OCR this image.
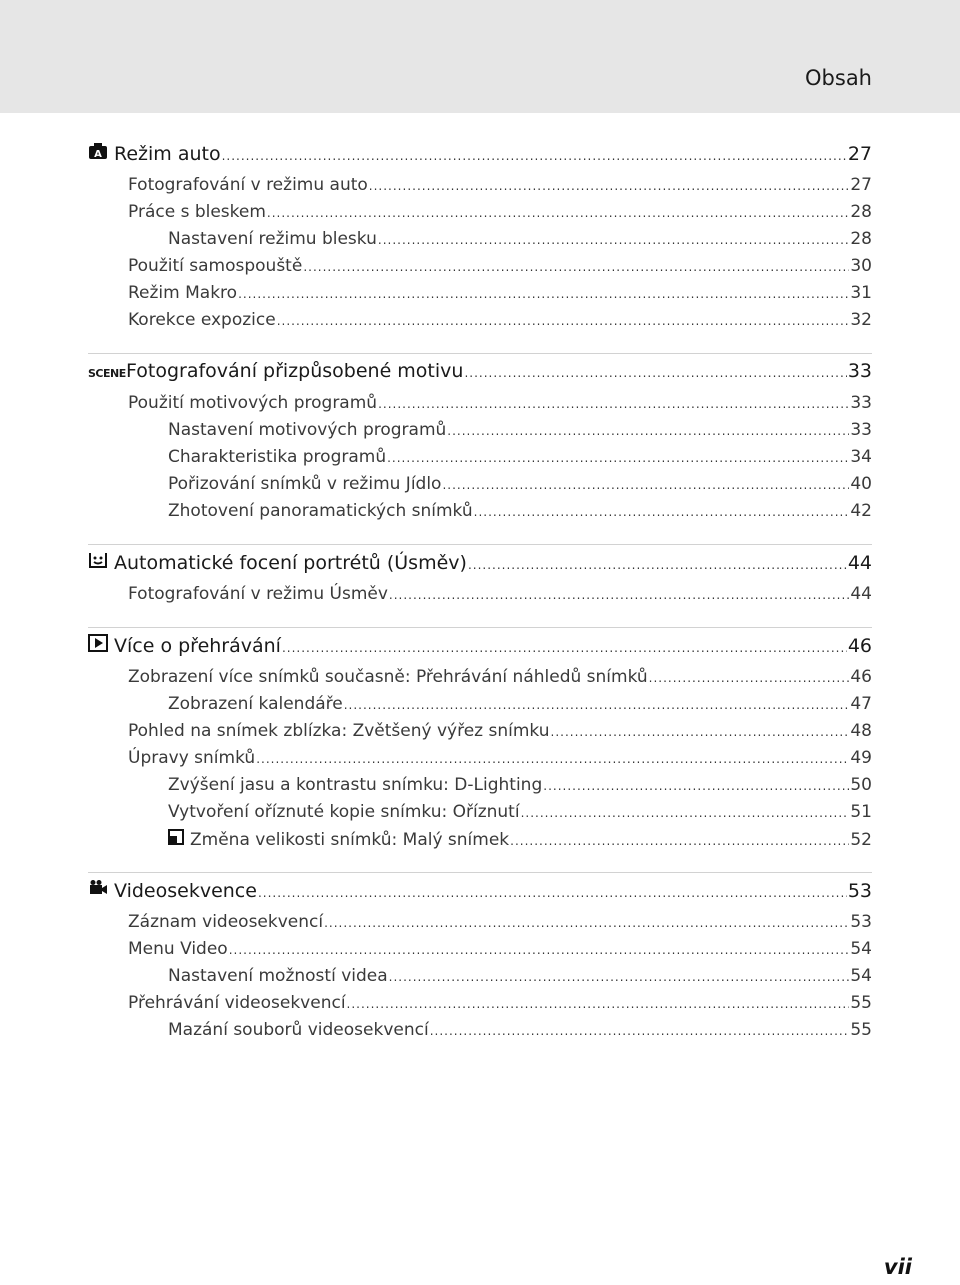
Obsah
A Režim auto .....	27
Fotografování v režimu auto .....	27
Práce s bleskem .....	28
Nastavení režimu blesku .....	28
Použití samospouště .....	30
Režim Makro .....	31
Korekce expozice .....	32
SCENE Fotografování přizpůsobené motivu .....	33
Použití motivových programů .....	33
Nastavení motivových programů .....	33
Charakteristika programů .....	34
Pořizování snímků v režimu Jídlo .....	40
Zhotovení panoramatických snímků .....	42
Automatické focení portrétů (Úsměv) .....	44
Fotografování v režimu Úsměv .....	44
Více o přehrávání .....	46
Zobrazení více snímků současně: Přehrávání náhledů snímků .....	46
Zobrazení kalendáře .....	47
Pohled na snímek zblízka: Zvětšený výřez snímku .....	48
Úpravy snímků .....	49
Zvýšení jasu a kontrastu snímku: D-Lighting .....	50
Vytvoření oříznuté kopie snímku: Oříznutí .....	51
Změna velikosti snímků: Malý snímek .....	52
Videosekvence .....	53
Záznam videosekvencí .....	53
Menu Video .....	54
Nastavení možností videa .....	54
Přehrávání videosekvencí .....	55
Mazání souborů videosekvencí .....	55
vii
